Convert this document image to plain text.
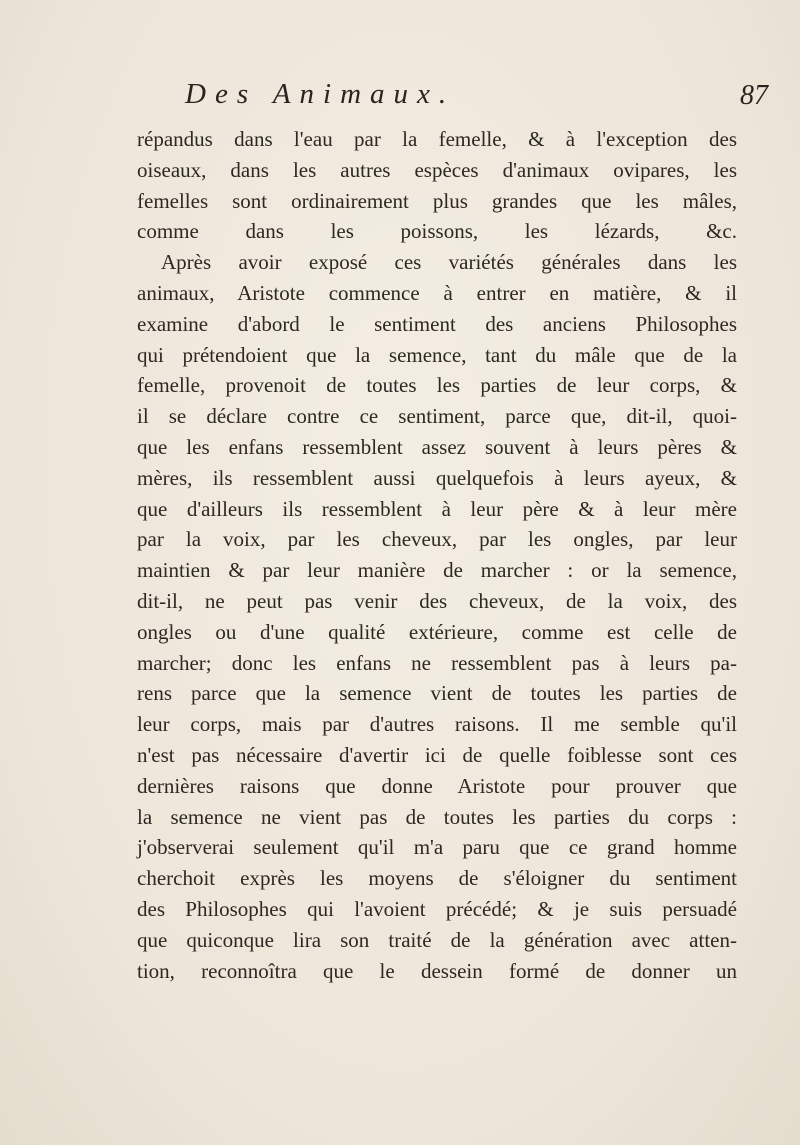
Des Animaux.	87
répandus dans l'eau par la femelle, & à l'exception des
oiseaux, dans les autres espèces d'animaux ovipares, les
femelles sont ordinairement plus grandes que les mâles,
comme dans les poissons, les lézards, &c.
Après avoir exposé ces variétés générales dans les
animaux, Aristote commence à entrer en matière, & il
examine d'abord le sentiment des anciens Philosophes
qui prétendoient que la semence, tant du mâle que de la
femelle, provenoit de toutes les parties de leur corps, &
il se déclare contre ce sentiment, parce que, dit-il, quoi-
que les enfans ressemblent assez souvent à leurs pères &
mères, ils ressemblent aussi quelquefois à leurs ayeux, &
que d'ailleurs ils ressemblent à leur père & à leur mère
par la voix, par les cheveux, par les ongles, par leur
maintien & par leur manière de marcher : or la semence,
dit-il, ne peut pas venir des cheveux, de la voix, des
ongles ou d'une qualité extérieure, comme est celle de
marcher; donc les enfans ne ressemblent pas à leurs pa-
rens parce que la semence vient de toutes les parties de
leur corps, mais par d'autres raisons. Il me semble qu'il
n'est pas nécessaire d'avertir ici de quelle foiblesse sont ces
dernières raisons que donne Aristote pour prouver que
la semence ne vient pas de toutes les parties du corps :
j'observerai seulement qu'il m'a paru que ce grand homme
cherchoit exprès les moyens de s'éloigner du sentiment
des Philosophes qui l'avoient précédé; & je suis persuadé
que quiconque lira son traité de la génération avec atten-
tion, reconnoîtra que le dessein formé de donner un
